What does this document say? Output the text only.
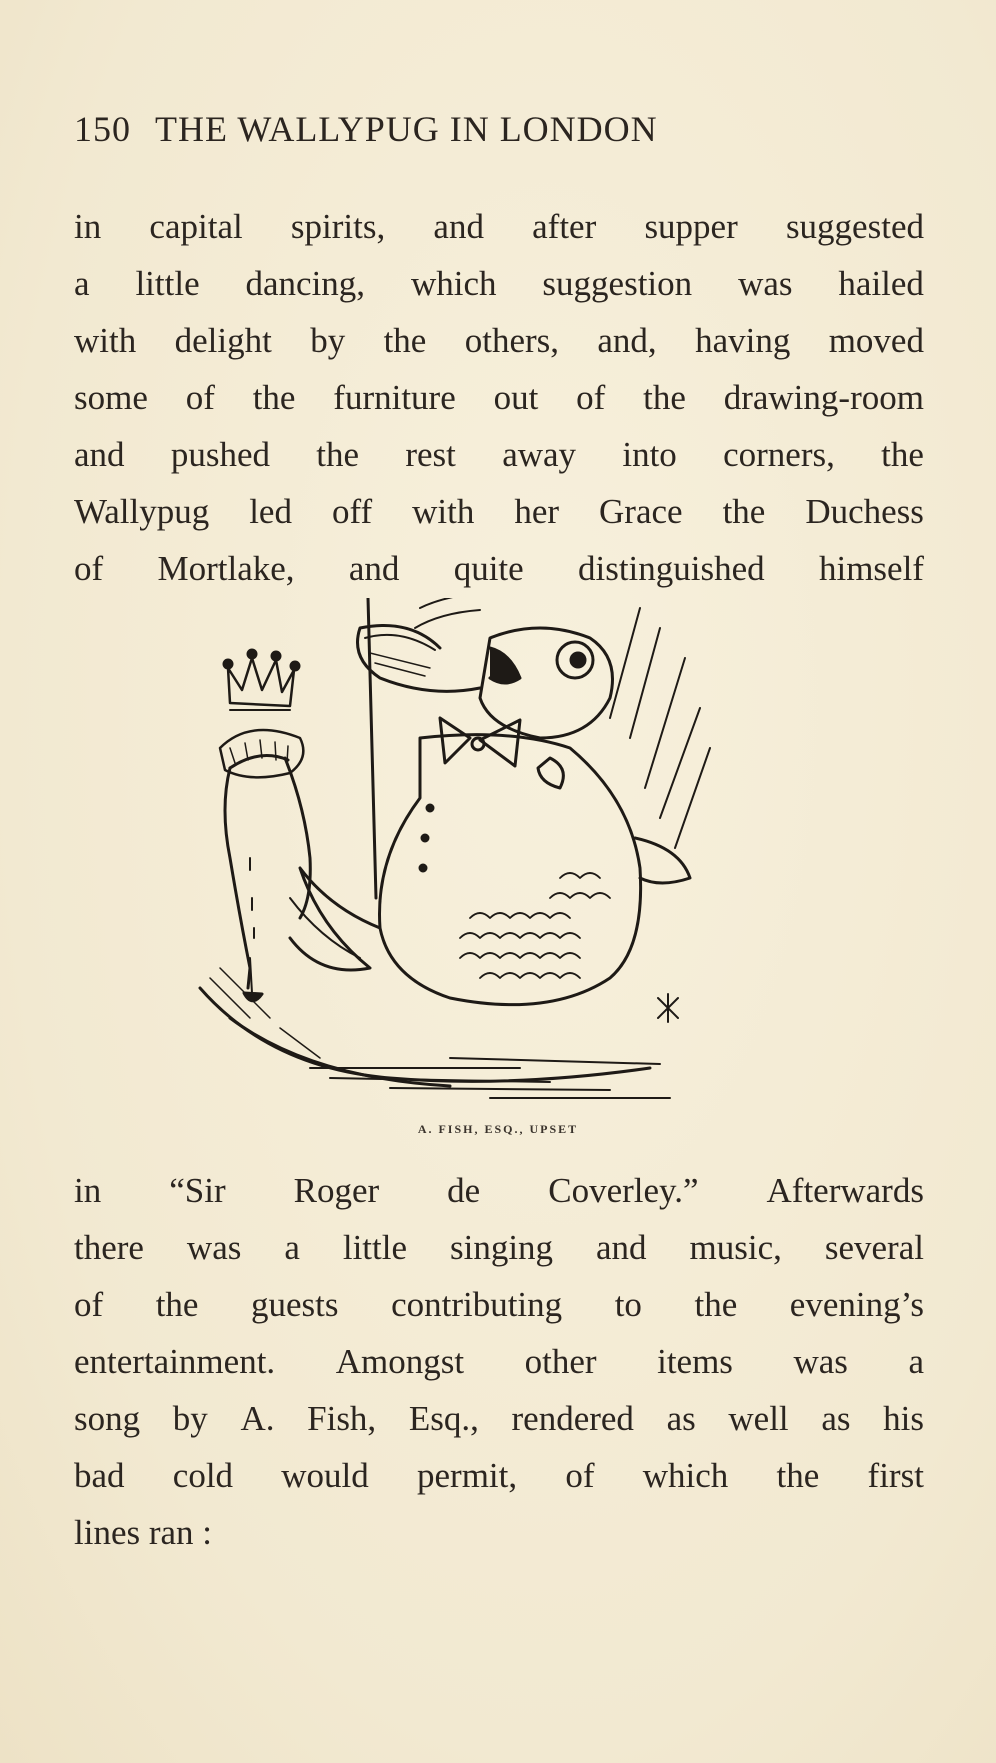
150 THE WALLYPUG IN LONDON
in capital spirits, and after supper suggested
a little dancing, which suggestion was hailed
with delight by the others, and, having moved
some of the furniture out of the drawing-room
and pushed the rest away into corners, the
Wallypug led off with her Grace the Duchess
of Mortlake, and quite distinguished himself
A. FISH, ESQ., UPSET
in “Sir Roger de Coverley.” Afterwards
there was a little singing and music, several
of the guests contributing to the evening’s
entertainment. Amongst other items was a
song by A. Fish, Esq., rendered as well as his
bad cold would permit, of which the first
lines ran :
